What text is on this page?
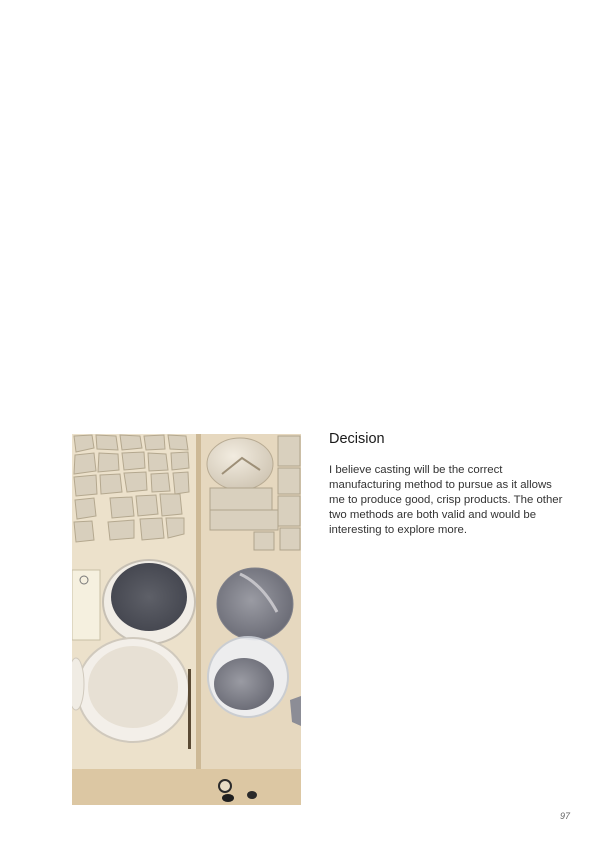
Decision

I believe casting will be the correct manufacturing method to pursue as it allows me to produce good, crisp products. The other two methods are both valid and would be interesting to explore more.

97
